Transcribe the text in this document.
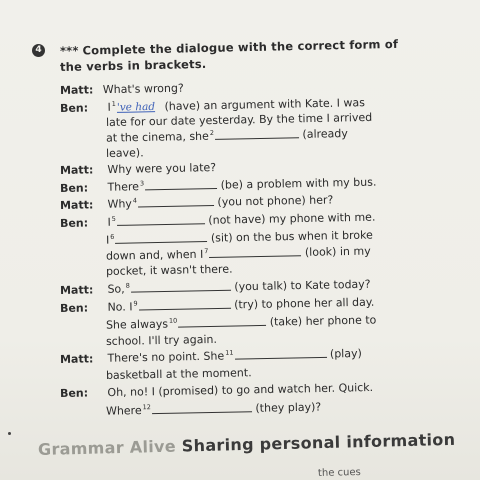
4 *** Complete the dialogue with the correct form of
the verbs in brackets.
Matt: What's wrong?
Ben: $I^1've$ had (have) an argument with Kate. I was
late for our date yesterday. By the time I arrived
at the cinema, she$^2$	(already
leave).
Matt: Why were you late?
Ben: There$^3$	(be) a problem with my bus.
Matt: Why$^4$	(you not phone) her?
Ben: $I^5$	(not have) my phone with me.
$I^6$	(sit) on the bus when it broke
down and, when $I^7$	(look) in my
pocket, it wasn't there.
Matt: So,$^8$	(you talk) to Kate today?
Ben: No. $I^9$	(try) to phone her all day.
She always$^{10}$	(take) her phone to
school. I'll try again.
Matt: There's no point. She$^{11}$	(play)
basketball at the moment.
Ben: Oh, no! I (promised) to go and watch her. Quick.
Where$^{12}$	(they play)?
Grammar Alive Sharing personal information
the cues
